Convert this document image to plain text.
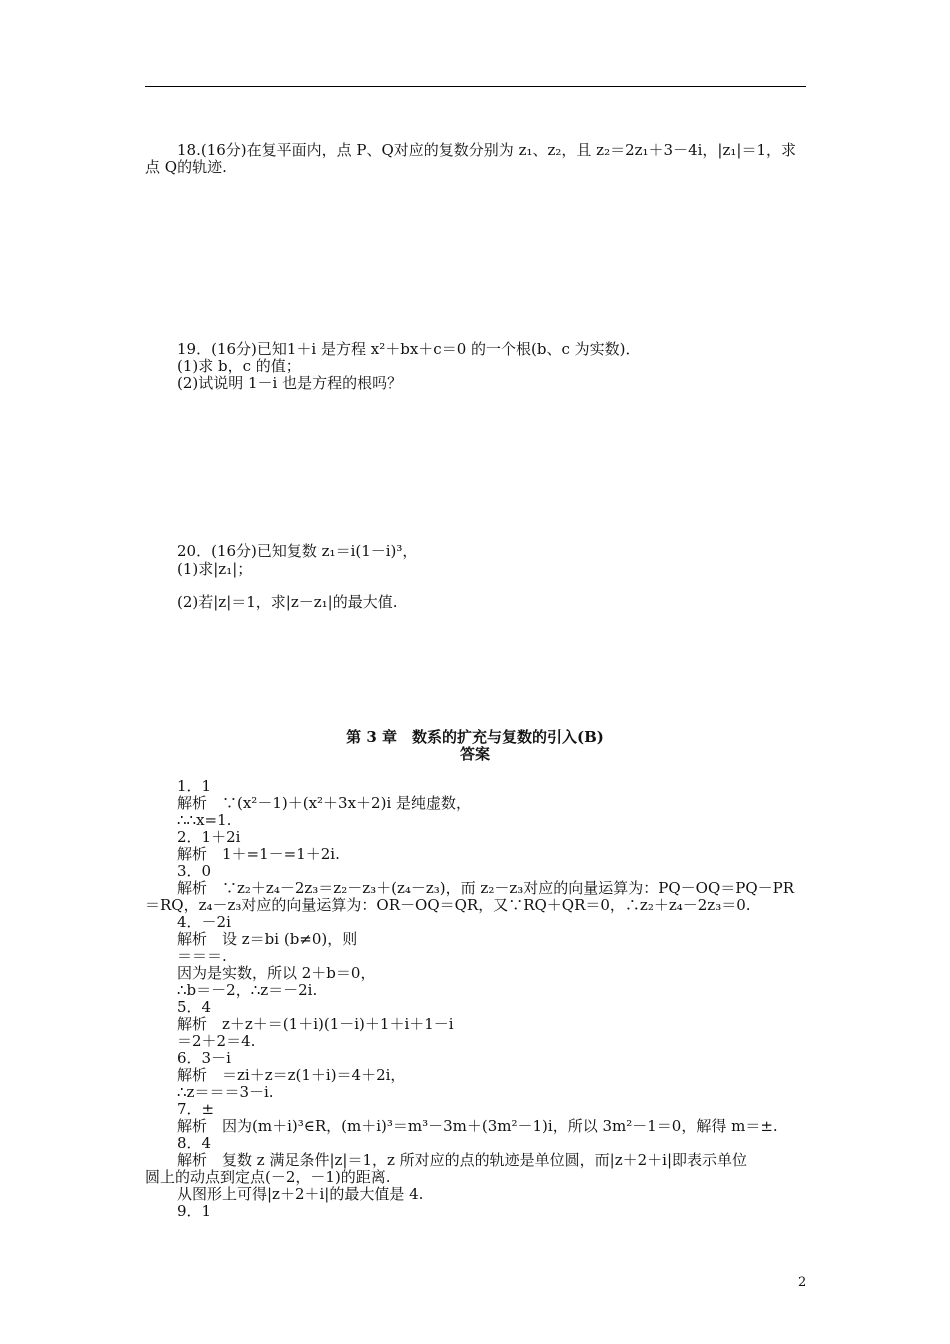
18.(16分)在复平面内，点 P、Q对应的复数分别为 z₁、z₂，且 z₂＝2z₁＋3－4i，|z₁|＝1，求
点 Q的轨迹.
19．(16分)已知1＋i 是方程 x²＋bx＋c＝0 的一个根(b、c 为实数)．
(1)求 b，c 的值；
(2)试说明 1－i 也是方程的根吗？
20．(16分)已知复数 z₁＝i(1－i)³，
(1)求|z₁|；
(2)若|z|＝1，求|z－z₁|的最大值.
第 3 章　数系的扩充与复数的引入(B)
答案
1．1
解析　∵(x²－1)＋(x²＋3x＋2)i 是纯虚数，
∴∴x=1.
2．1＋2i
解析　1＋=1－=1＋2i.
3．0
解析　∵z₂＋z₄－2z₃＝z₂－z₃＋(z₄－z₃)，而 z₂－z₃对应的向量运算为：PQ－OQ＝PQ－PR
＝RQ，z₄－z₃对应的向量运算为：OR－OQ＝QR，又∵RQ＋QR＝0，∴z₂＋z₄－2z₃＝0.
4．－2i
解析　设 z＝bi (b≠0)，则
＝＝＝.
因为是实数，所以 2＋b＝0，
∴b＝－2，∴z＝－2i.
5．4
解析　z＋z＋＝(1＋i)(1－i)＋1＋i＋1－i
＝2＋2＝4.
6．3－i
解析　＝zi＋z＝z(1＋i)＝4＋2i，
∴z＝＝＝3－i.
7．±
解析　因为(m＋i)³∈R，(m＋i)³＝m³－3m＋(3m²－1)i，所以 3m²－1＝0，解得 m＝±.
8．4
解析　复数 z 满足条件|z|＝1，z 所对应的点的轨迹是单位圆，而|z＋2＋i|即表示单位
圆上的动点到定点(－2，－1)的距离.
从图形上可得|z＋2＋i|的最大值是 4.
9．1
2
